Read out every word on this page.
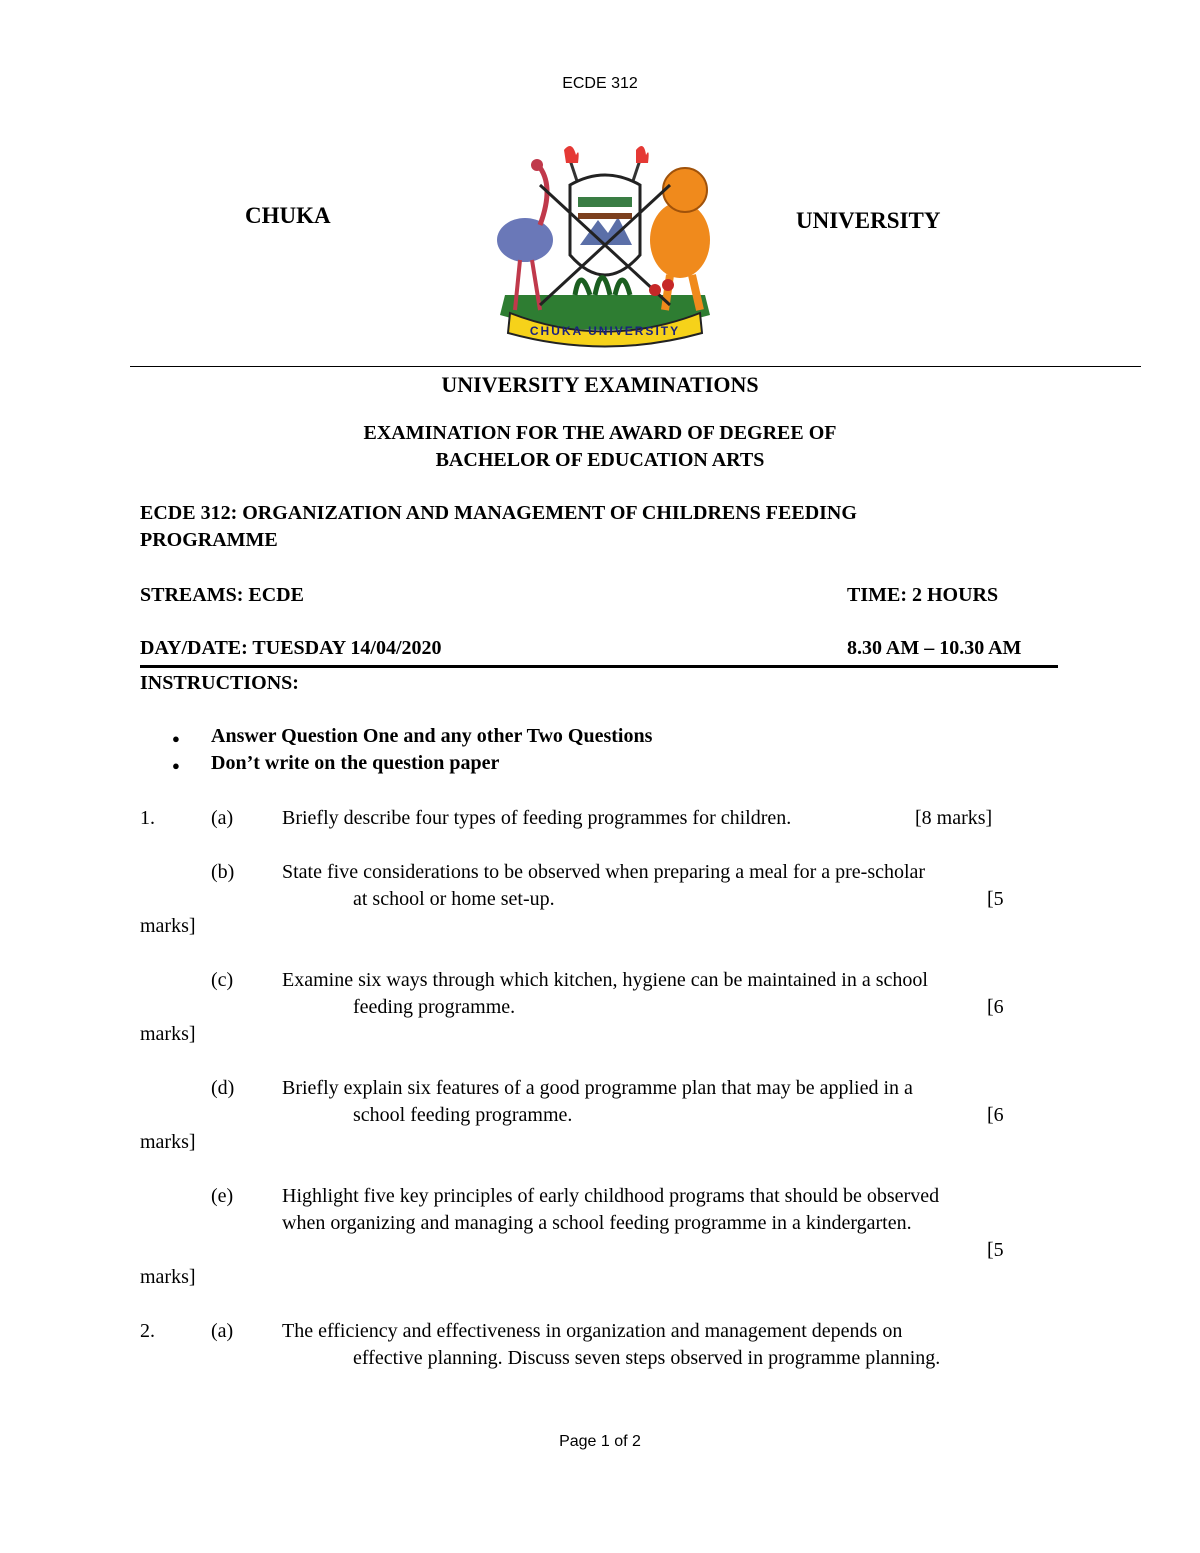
ECDE 312
CHUKA	UNIVERSITY
CHUKA UNIVERSITY
UNIVERSITY EXAMINATIONS
EXAMINATION FOR THE AWARD OF DEGREE OF
BACHELOR OF EDUCATION ARTS
ECDE 312: ORGANIZATION AND MANAGEMENT OF CHILDRENS FEEDING
PROGRAMME
STREAMS: ECDE	TIME: 2 HOURS
DAY/DATE: TUESDAY 14/04/2020	8.30 AM – 10.30 AM
INSTRUCTIONS:
● Answer Question One and any other Two Questions
● Don’t write on the question paper
1.	(a) Briefly describe four types of feeding programmes for children.	[8 marks]
(b) State five considerations to be observed when preparing a meal for a pre-scholar
at school or home set-up.	[5
marks]
(c) Examine six ways through which kitchen, hygiene can be maintained in a school
feeding programme.	[6
marks]
(d) Briefly explain six features of a good programme plan that may be applied in a
school feeding programme.	[6
marks]
(e) Highlight five key principles of early childhood programs that should be observed
when organizing and managing a school feeding programme in a kindergarten.
[5
marks]
2.	(a) The efficiency and effectiveness in organization and management depends on
effective planning. Discuss seven steps observed in programme planning.
Page 1 of 2
